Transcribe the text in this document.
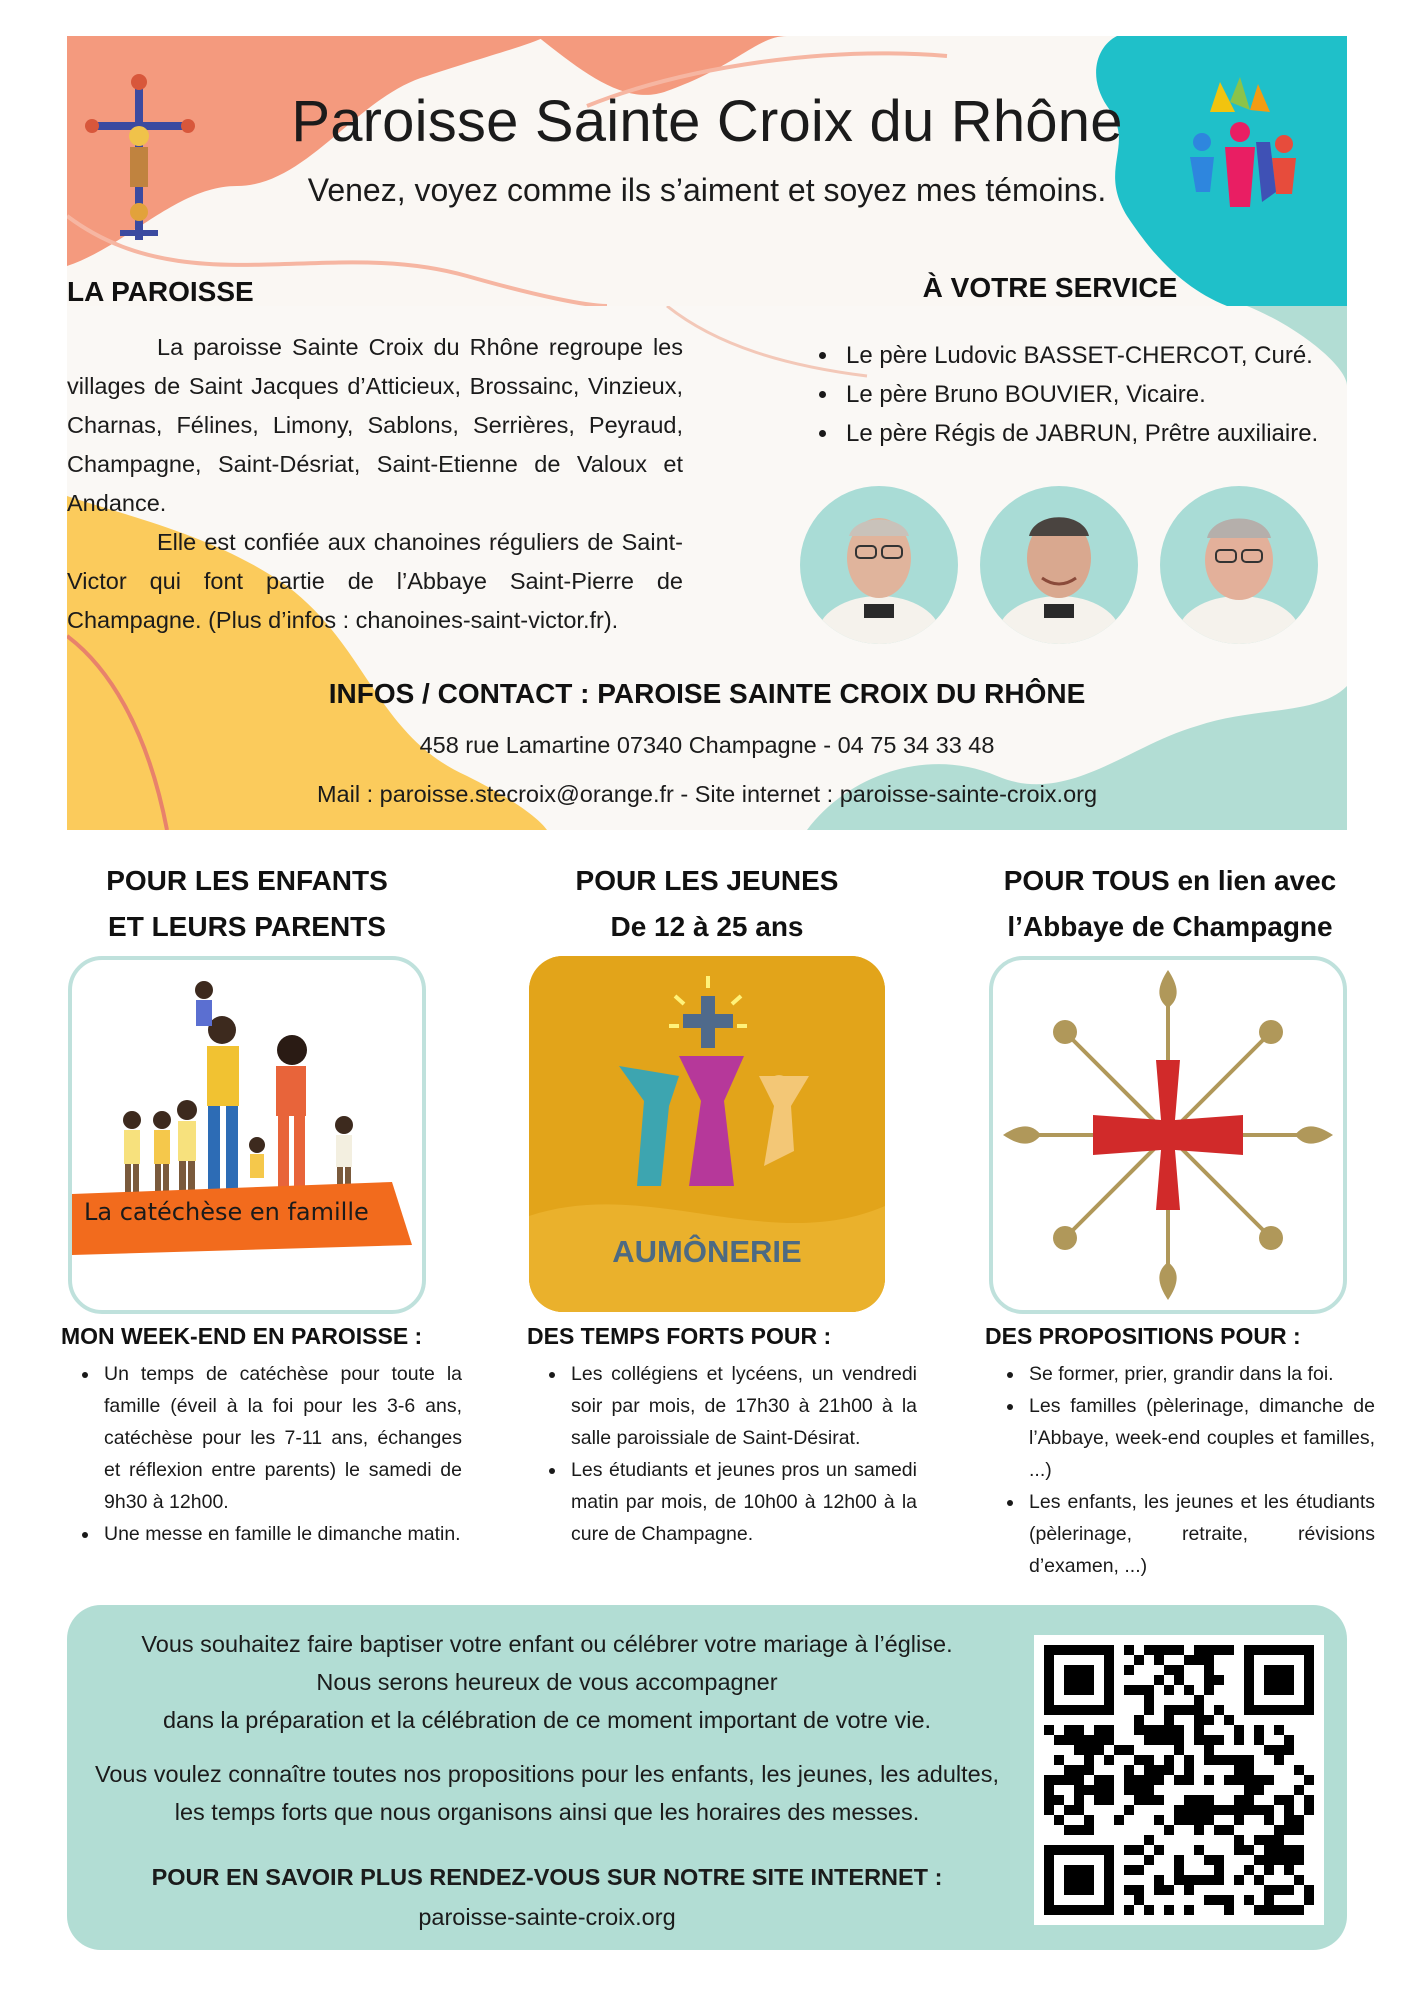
Paroisse Sainte Croix du Rhône
Venez, voyez comme ils s’aiment et soyez mes témoins.
LA PAROISSE	À VOTRE SERVICE
La paroisse Sainte Croix du Rhône regroupe les villages de Saint Jacques d’Atticieux, Brossainc, Vinzieux, Charnas, Félines, Limony, Sablons, Serrières, Peyraud, Champagne, Saint-Désriat, Saint-Etienne de Valoux et Andance.
Elle est confiée aux chanoines réguliers de Saint-Victor qui font partie de l’Abbaye Saint-Pierre de Champagne. (Plus d’infos : chanoines-saint-victor.fr).
• Le père Ludovic BASSET-CHERCOT, Curé.
• Le père Bruno BOUVIER, Vicaire.
• Le père Régis de JABRUN, Prêtre auxiliaire.
INFOS / CONTACT : PAROISE SAINTE CROIX DU RHÔNE
458 rue Lamartine 07340 Champagne - 04 75 34 33 48
Mail : paroisse.stecroix@orange.fr - Site internet : paroisse-sainte-croix.org
POUR LES ENFANTS
ET LEURS PARENTS
POUR LES JEUNES
De 12 à 25 ans
POUR TOUS en lien avec
l’Abbaye de Champagne
La catéchèse en famille
AUMÔNERIE
MON WEEK-END EN PAROISSE :	DES TEMPS FORTS POUR :	DES PROPOSITIONS POUR :
• Un temps de catéchèse pour toute la famille (éveil à la foi pour les 3-6 ans, catéchèse pour les 7-11 ans, échanges et réflexion entre parents) le samedi de 9h30 à 12h00.
• Une messe en famille le dimanche matin.
• Les collégiens et lycéens, un vendredi soir par mois, de 17h30 à 21h00 à la salle paroissiale de Saint-Désirat.
• Les étudiants et jeunes pros un samedi matin par mois, de 10h00 à 12h00 à la cure de Champagne.
• Se former, prier, grandir dans la foi.
• Les familles (pèlerinage, dimanche de l’Abbaye, week-end couples et familles, ...)
• Les enfants, les jeunes et les étudiants (pèlerinage, retraite, révisions d’examen, ...)
Vous souhaitez faire baptiser votre enfant ou célébrer votre mariage à l’église.
Nous serons heureux de vous accompagner
dans la préparation et la célébration de ce moment important de votre vie.
Vous voulez connaître toutes nos propositions pour les enfants, les jeunes, les adultes,
les temps forts que nous organisons ainsi que les horaires des messes.
POUR EN SAVOIR PLUS RENDEZ-VOUS SUR NOTRE SITE INTERNET :
paroisse-sainte-croix.org
